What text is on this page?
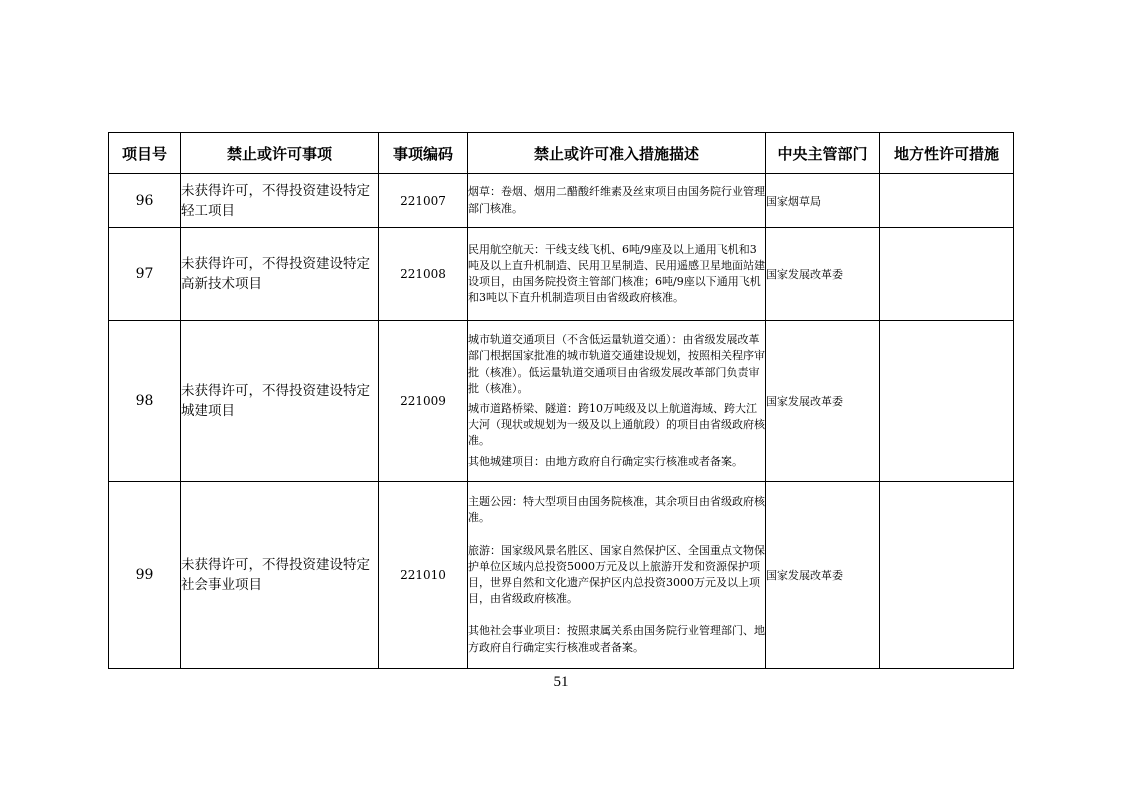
项目号	禁止或许可事项	事项编码	禁止或许可准入措施描述	中央主管部门	地方性许可措施
96	未获得许可，不得投资建设特定轻工项目	221007	烟草：卷烟、烟用二醋酸纤维素及丝束项目由国务院行业管理部门核准。	国家烟草局	
97	未获得许可，不得投资建设特定高新技术项目	221008	民用航空航天：干线支线飞机、6吨/9座及以上通用飞机和3吨及以上直升机制造、民用卫星制造、民用遥感卫星地面站建设项目，由国务院投资主管部门核准；6吨/9座以下通用飞机和3吨以下直升机制造项目由省级政府核准。	国家发展改革委	
98	未获得许可，不得投资建设特定城建项目	221009	城市轨道交通项目（不含低运量轨道交通）：由省级发展改革部门根据国家批准的城市轨道交通建设规划，按照相关程序审批（核准）。低运量轨道交通项目由省级发展改革部门负责审批（核准）。

城市道路桥梁、隧道：跨10万吨级及以上航道海域、跨大江大河（现状或规划为一级及以上通航段）的项目由省级政府核准。

其他城建项目：由地方政府自行确定实行核准或者备案。	国家发展改革委	
99	未获得许可，不得投资建设特定社会事业项目	221010	主题公园：特大型项目由国务院核准，其余项目由省级政府核准。

旅游：国家级风景名胜区、国家自然保护区、全国重点文物保护单位区域内总投资5000万元及以上旅游开发和资源保护项目，世界自然和文化遗产保护区内总投资3000万元及以上项目，由省级政府核准。

其他社会事业项目：按照隶属关系由国务院行业管理部门、地方政府自行确定实行核准或者备案。	国家发展改革委	
51
